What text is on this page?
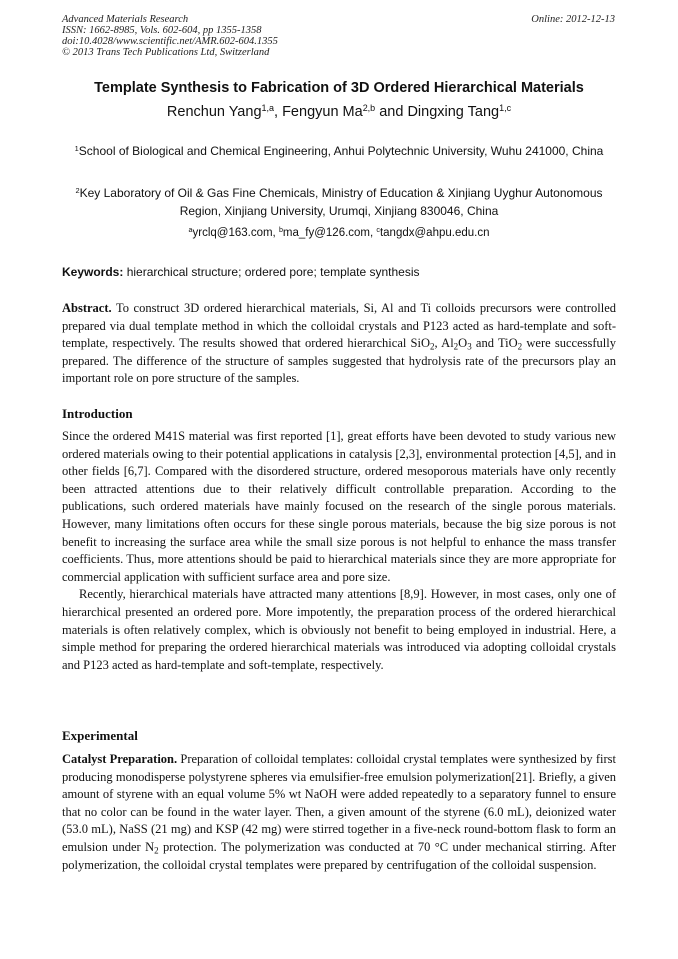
Advanced Materials Research
ISSN: 1662-8985, Vols. 602-604, pp 1355-1358
doi:10.4028/www.scientific.net/AMR.602-604.1355
© 2013 Trans Tech Publications Ltd, Switzerland
Online: 2012-12-13
Template Synthesis to Fabrication of 3D Ordered Hierarchical Materials
Renchun Yang$^{1,a}$, Fengyun Ma$^{2,b}$ and Dingxing Tang$^{1,c}$
$^1$School of Biological and Chemical Engineering, Anhui Polytechnic University, Wuhu 241000, China
$^2$Key Laboratory of Oil & Gas Fine Chemicals, Ministry of Education & Xinjiang Uyghur Autonomous Region, Xinjiang University, Urumqi, Xinjiang 830046, China
$^a$yrclq@163.com, $^b$ma_fy@126.com, $^c$tangdx@ahpu.edu.cn
Keywords: hierarchical structure; ordered pore; template synthesis

Abstract. To construct 3D ordered hierarchical materials, Si, Al and Ti colloids precursors were controlled prepared via dual template method in which the colloidal crystals and P123 acted as hard-template and soft-template, respectively. The results showed that ordered hierarchical SiO$_2$, $Al_2O_3$ and TiO$_2$ were successfully prepared. The difference of the structure of samples suggested that hydrolysis rate of the precursors play an important role on pore structure of the samples.

Introduction

Since the ordered M41S material was first reported [1], great efforts have been devoted to study various new ordered materials owing to their potential applications in catalysis [2,3], environmental protection [4,5], and in other fields [6,7]. Compared with the disordered structure, ordered mesoporous materials have only recently been attracted attentions due to their relatively difficult controllable preparation. According to the publications, such ordered materials have mainly focused on the research of the single porous materials. However, many limitations often occurs for these single porous materials, because the big size porous is not benefit to increasing the surface area while the small size porous is not helpful to enhance the mass transfer coefficients. Thus, more attentions should be paid to hierarchical materials since they are more appropriate for commercial application with sufficient surface area and pore size.

Recently, hierarchical materials have attracted many attentions [8,9]. However, in most cases, only one of hierarchical presented an ordered pore. More impotently, the preparation process of the ordered hierarchical materials is often relatively complex, which is obviously not benefit to being employed in industrial. Here, a simple method for preparing the ordered hierarchical materials was introduced via adopting colloidal crystals and P123 acted as hard-template and soft-template, respectively.

Experimental

Catalyst Preparation. Preparation of colloidal templates: colloidal crystal templates were synthesized by first producing monodisperse polystyrene spheres via emulsifier-free emulsion polymerization[21]. Briefly, a given amount of styrene with an equal volume 5% wt NaOH were added repeatedly to a separatory funnel to ensure that no color can be found in the water layer. Then, a given amount of the styrene (6.0 mL), deionized water (53.0 mL), NaSS (21 mg) and KSP (42 mg) were stirred together in a five-neck round-bottom flask to form an emulsion under $N_2$ protection. The polymerization was conducted at 70 °C under mechanical stirring. After polymerization, the colloidal crystal templates were prepared by centrifugation of the colloidal suspension.
